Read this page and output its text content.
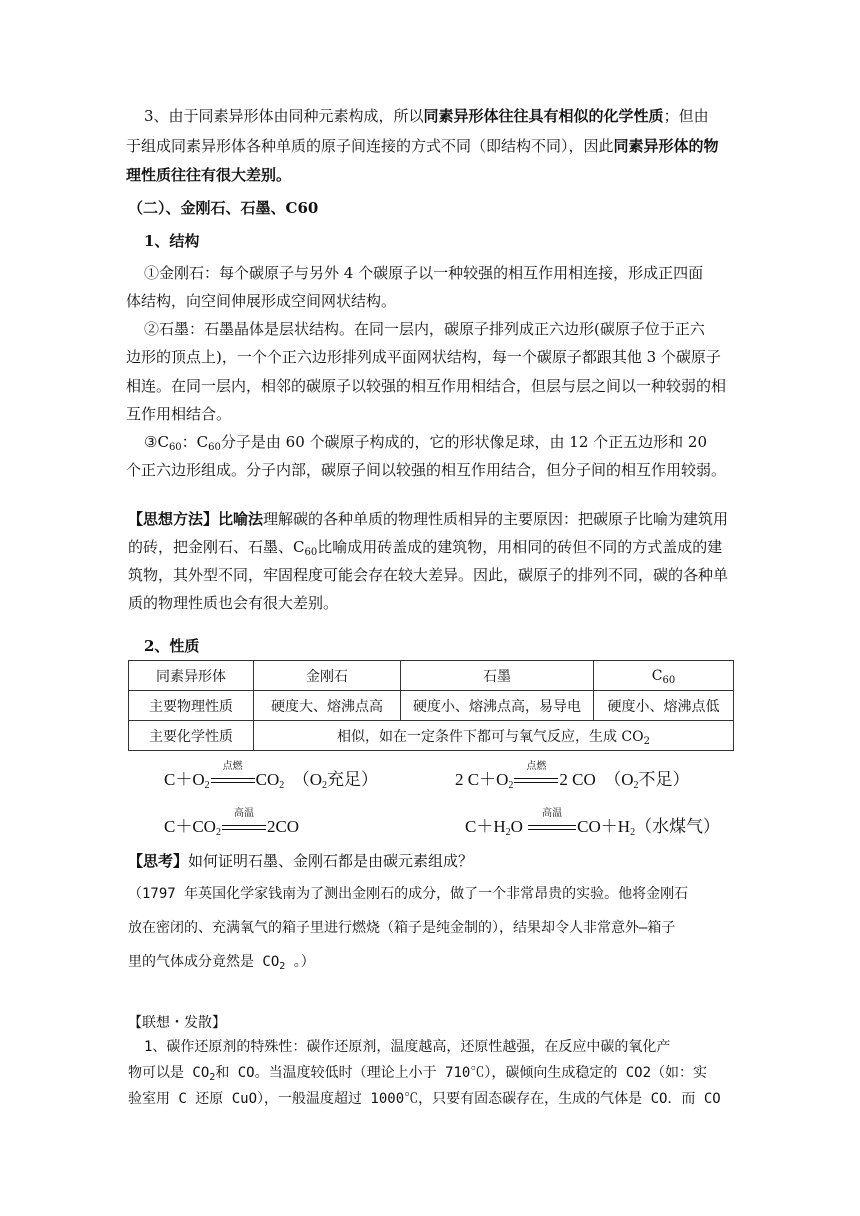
3、由于同素异形体由同种元素构成，所以同素异形体往往具有相似的化学性质；但由
于组成同素异形体各种单质的原子间连接的方式不同（即结构不同），因此同素异形体的物
理性质往往有很大差别。
（二）、金刚石、石墨、C60
1、结构
①金刚石：每个碳原子与另外 4 个碳原子以一种较强的相互作用相连接，形成正四面
体结构，向空间伸展形成空间网状结构。
②石墨：石墨晶体是层状结构。在同一层内，碳原子排列成正六边形(碳原子位于正六
边形的顶点上)，一个个正六边形排列成平面网状结构，每一个碳原子都跟其他 3 个碳原子
相连。在同一层内，相邻的碳原子以较强的相互作用相结合，但层与层之间以一种较弱的相
互作用相结合。
$③C_{60}$：$C_{60}$分子是由 60 个碳原子构成的，它的形状像足球，由 12 个正五边形和 20
个正六边形组成。分子内部，碳原子间以较强的相互作用结合，但分子间的相互作用较弱。
【思想方法】比喻法理解碳的各种单质的物理性质相异的主要原因：把碳原子比喻为建筑用
的砖，把金刚石、石墨、$C_{60}$比喻成用砖盖成的建筑物，用相同的砖但不同的方式盖成的建
筑物，其外型不同，牢固程度可能会存在较大差异。因此，碳原子的排列不同，碳的各种单
质的物理性质也会有很大差别。
2、性质
同素异形体	金刚石	石墨	$C_{60}$
主要物理性质	硬度大、熔沸点高	硬度小、熔沸点高，易导电	硬度小、熔沸点低
主要化学性质	相似，如在一定条件下都可与氧气反应，生成 $CO_2$
$C+O_2$
点燃
$CO_2$ （$O_2$充足）	2 $C+O_2$
点燃
2 CO （$O_2$不足）
$C+CO_2$
高温
2CO	$C+H_2O$
高温
$CO+H_2$（水煤气）
【思考】如何证明石墨、金刚石都是由碳元素组成？
（1797 年英国化学家钱南为了测出金刚石的成分，做了一个非常昂贵的实验。他将金刚石
放在密闭的、充满氧气的箱子里进行燃烧（箱子是纯金制的），结果却令人非常意外—箱子
里的气体成分竟然是 $CO_2$ 。）
【联想・发散】
1、碳作还原剂的特殊性：碳作还原剂，温度越高，还原性越强，在反应中碳的氧化产
物可以是 $CO_2$和 CO。当温度较低时（理论上小于 710℃），碳倾向生成稳定的 CO2（如：实
验室用 C 还原 CuO），一般温度超过 1000℃，只要有固态碳存在，生成的气体是 CO．而 CO
